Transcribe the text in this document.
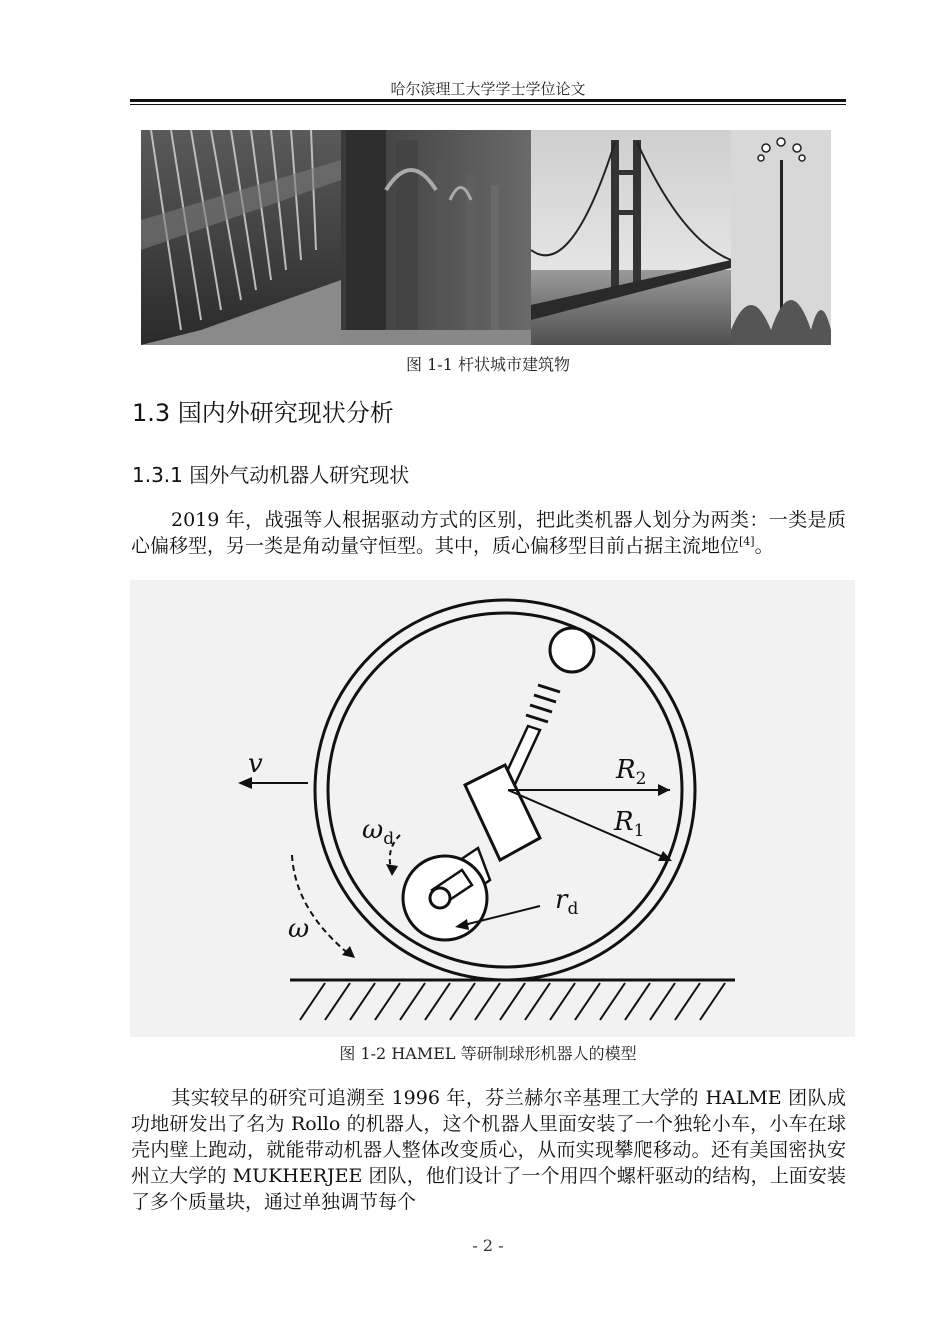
哈尔滨理工大学学士学位论文
图 1-1 杆状城市建筑物
1.3 国内外研究现状分析
1.3.1 国外气动机器人研究现状
2019 年，战强等人根据驱动方式的区别，把此类机器人划分为两类：一类是质心偏移型，另一类是角动量守恒型。其中，质心偏移型目前占据主流地位[4]。
v	$R_2$
$R_1$
$\omega_d$
$r_d$
ω
图 1-2 HAMEL 等研制球形机器人的模型
其实较早的研究可追溯至 1996 年，芬兰赫尔辛基理工大学的 HALME 团队成功地研发出了名为 Rollo 的机器人，这个机器人里面安装了一个独轮小车，小车在球壳内壁上跑动，就能带动机器人整体改变质心，从而实现攀爬移动。还有美国密执安州立大学的 MUKHERJEE 团队，他们设计了一个用四个螺杆驱动的结构，上面安装了多个质量块，通过单独调节每个
- 2 -
